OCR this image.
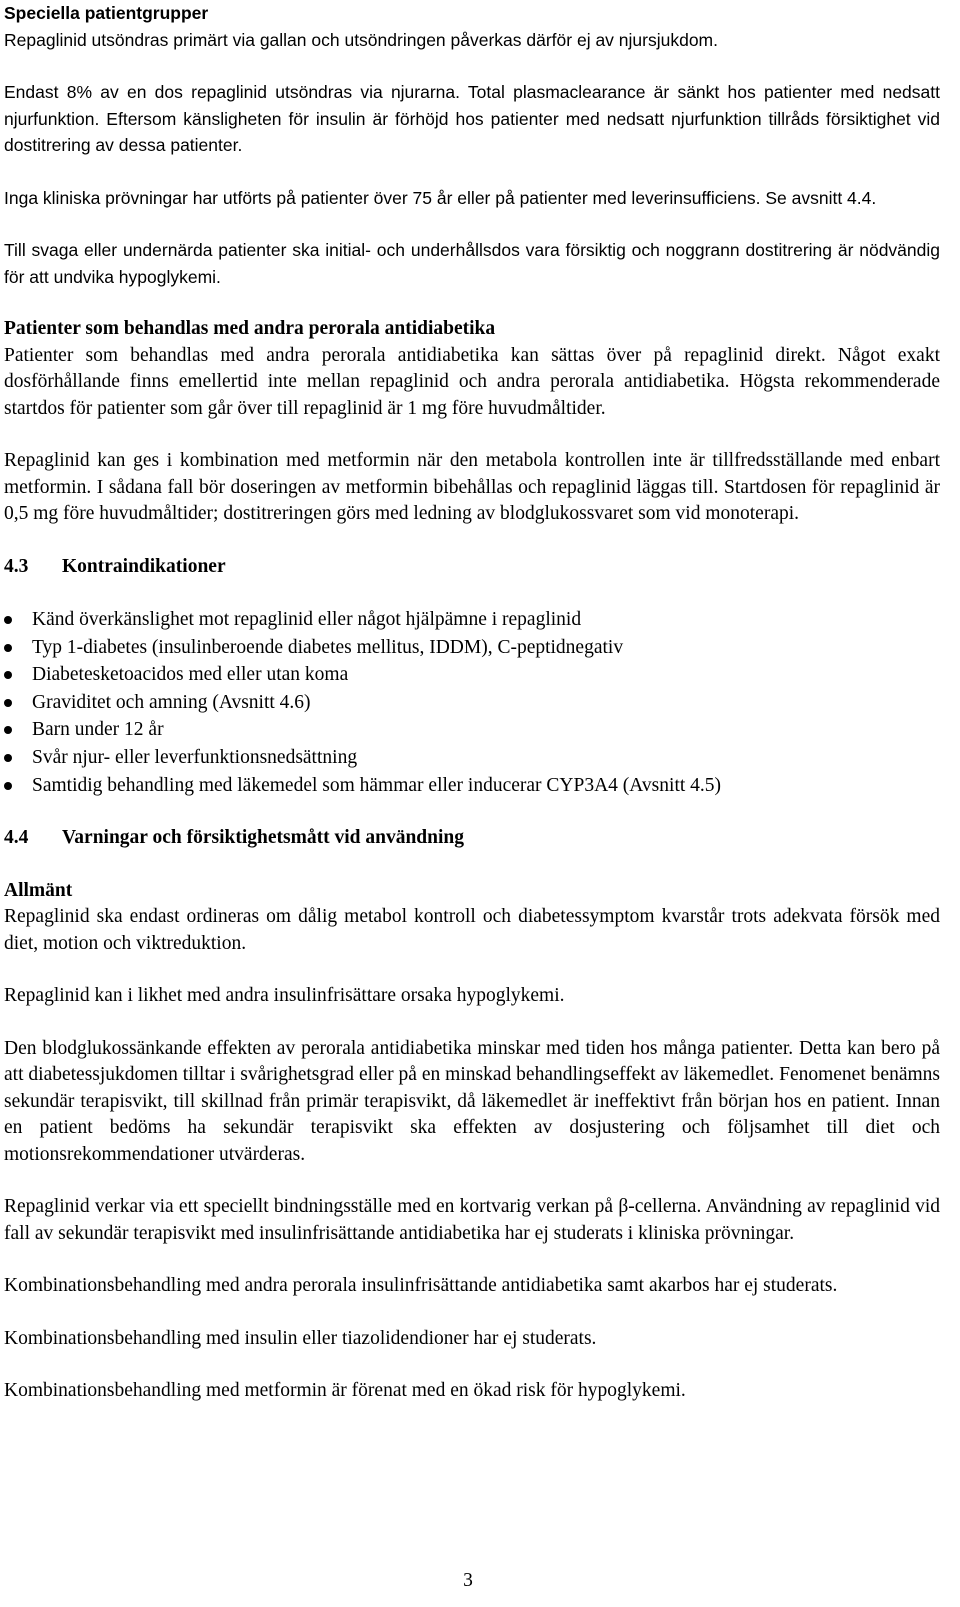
Speciella patientgrupper

Repaglinid utsöndras primärt via gallan och utsöndringen påverkas därför ej av njursjukdom.

Endast 8% av en dos repaglinid utsöndras via njurarna. Total plasmaclearance är sänkt hos patienter med nedsatt njurfunktion. Eftersom känsligheten för insulin är förhöjd hos patienter med nedsatt njurfunktion tillråds försiktighet vid dostitrering av dessa patienter.

Inga kliniska prövningar har utförts på patienter över 75 år eller på patienter med leverinsufficiens. Se avsnitt 4.4.

Till svaga eller undernärda patienter ska initial- och underhållsdos vara försiktig och noggrann dostitrering är nödvändig för att undvika hypoglykemi.

Patienter som behandlas med andra perorala antidiabetika

Patienter som behandlas med andra perorala antidiabetika kan sättas över på repaglinid direkt. Något exakt dosförhållande finns emellertid inte mellan repaglinid och andra perorala antidiabetika. Högsta rekommenderade startdos för patienter som går över till repaglinid är 1 mg före huvudmåltider.

Repaglinid kan ges i kombination med metformin när den metabola kontrollen inte är tillfredsställande med enbart metformin. I sådana fall bör doseringen av metformin bibehållas och repaglinid läggas till. Startdosen för repaglinid är 0,5 mg före huvudmåltider; dostitreringen görs med ledning av blodglukossvaret som vid monoterapi.

4.3	Kontraindikationer
Känd överkänslighet mot repaglinid eller något hjälpämne i repaglinid
Typ 1-diabetes (insulinberoende diabetes mellitus, IDDM), C-peptidnegativ
Diabetesketoacidos med eller utan koma
Graviditet och amning (Avsnitt 4.6)
Barn under 12 år
Svår njur- eller leverfunktionsnedsättning
Samtidig behandling med läkemedel som hämmar eller inducerar CYP3A4 (Avsnitt 4.5)
4.4	Varningar och försiktighetsmått vid användning

Allmänt

Repaglinid ska endast ordineras om dålig metabol kontroll och diabetessymptom kvarstår trots adekvata försök med diet, motion och viktreduktion.

Repaglinid kan i likhet med andra insulinfrisättare orsaka hypoglykemi.

Den blodglukossänkande effekten av perorala antidiabetika minskar med tiden hos många patienter. Detta kan bero på att diabetessjukdomen tilltar i svårighetsgrad eller på en minskad behandlingseffekt av läkemedlet. Fenomenet benämns sekundär terapisvikt, till skillnad från primär terapisvikt, då läkemedlet är ineffektivt från början hos en patient. Innan en patient bedöms ha sekundär terapisvikt ska effekten av dosjustering och följsamhet till diet och motionsrekommendationer utvärderas.

Repaglinid verkar via ett speciellt bindningsställe med en kortvarig verkan på β-cellerna. Användning av repaglinid vid fall av sekundär terapisvikt med insulinfrisättande antidiabetika har ej studerats i kliniska prövningar.

Kombinationsbehandling med andra perorala insulinfrisättande antidiabetika samt akarbos har ej studerats.

Kombinationsbehandling med insulin eller tiazolidendioner har ej studerats.

Kombinationsbehandling med metformin är förenat med en ökad risk för hypoglykemi.

3
